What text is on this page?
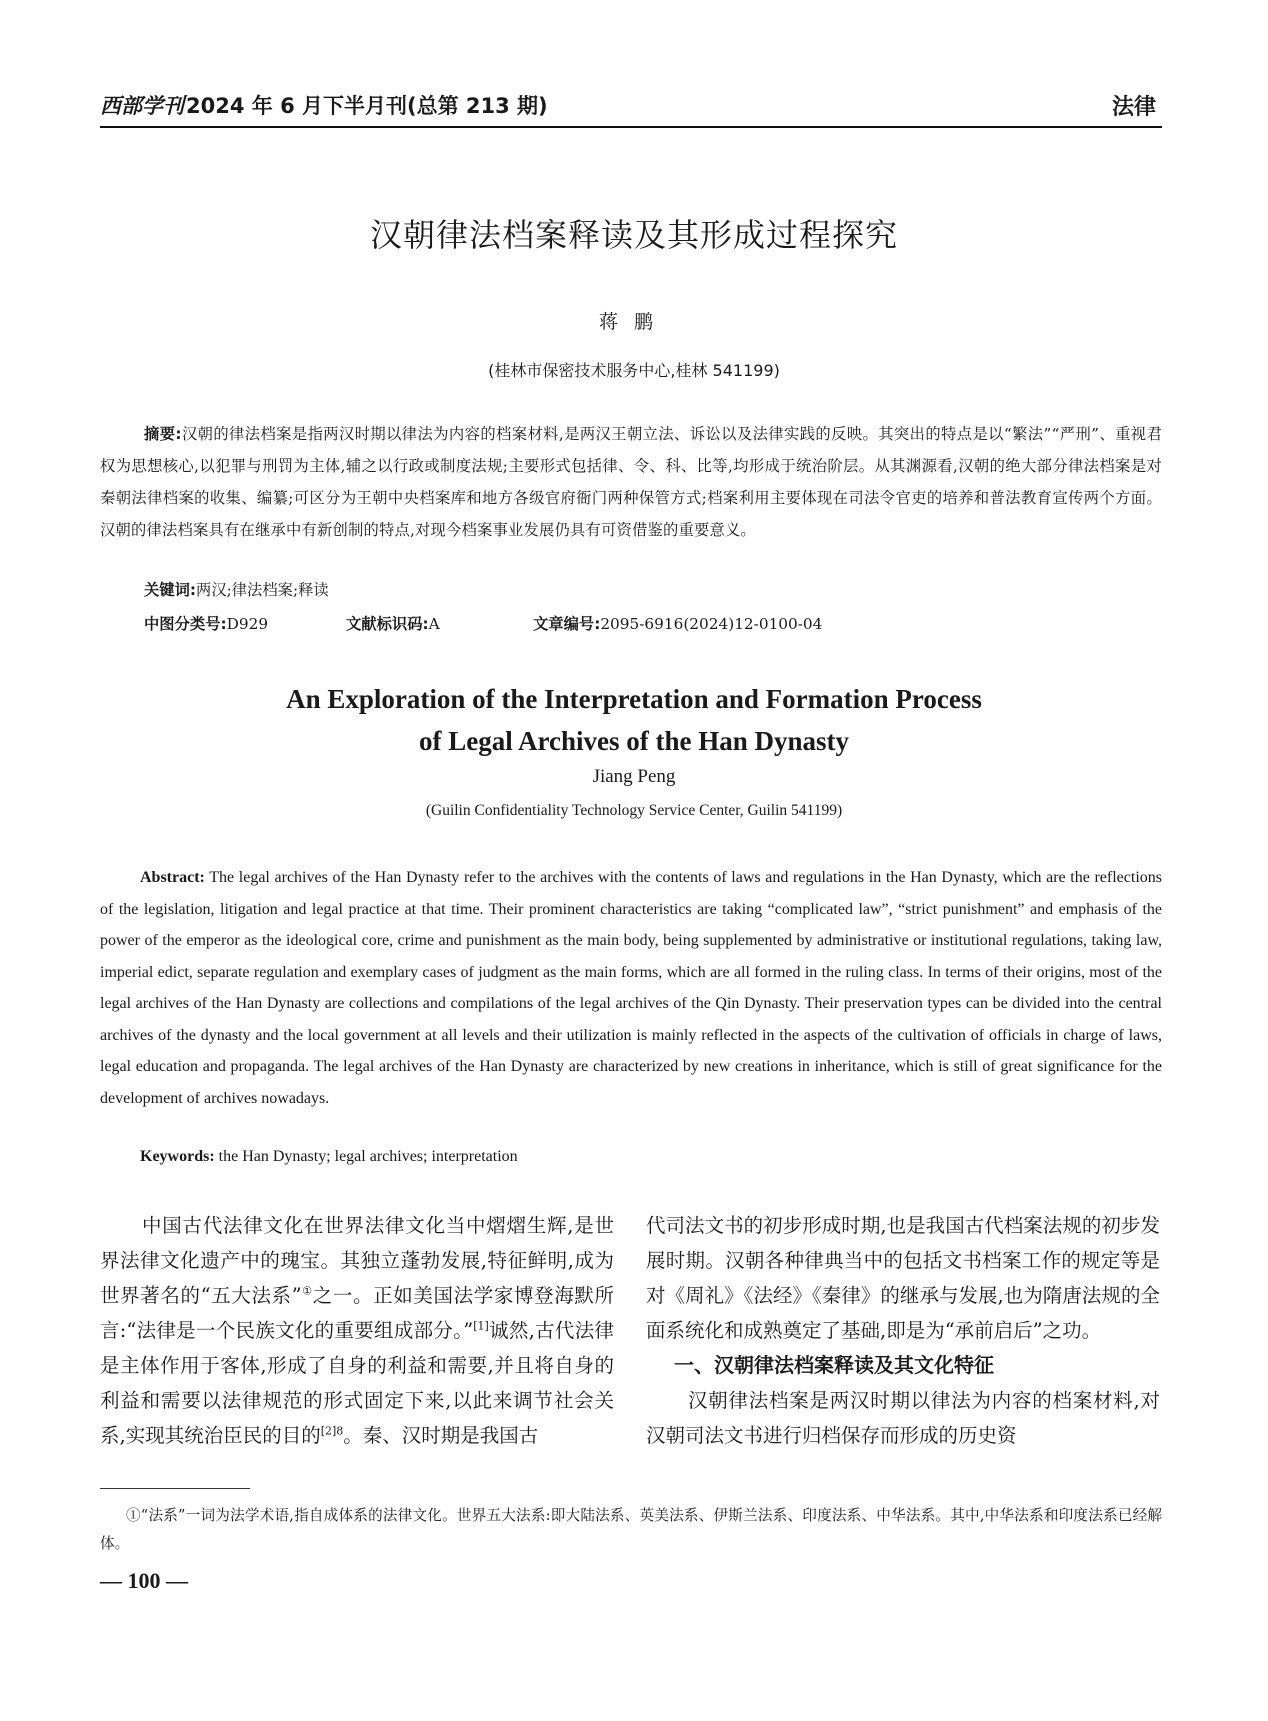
西部学刊2024 年 6 月下半月刊(总第 213 期)	法律
汉朝律法档案释读及其形成过程探究
蒋鹏
(桂林市保密技术服务中心,桂林 541199)

摘要:汉朝的律法档案是指两汉时期以律法为内容的档案材料,是两汉王朝立法、诉讼以及法律实践的反映。其突出的特点是以“繁法”“严刑”、重视君权为思想核心,以犯罪与刑罚为主体,辅之以行政或制度法规;主要形式包括律、令、科、比等,均形成于统治阶层。从其渊源看,汉朝的绝大部分律法档案是对秦朝法律档案的收集、编纂;可区分为王朝中央档案库和地方各级官府衙门两种保管方式;档案利用主要体现在司法令官吏的培养和普法教育宣传两个方面。汉朝的律法档案具有在继承中有新创制的特点,对现今档案事业发展仍具有可资借鉴的重要意义。

关键词:两汉;律法档案;释读
中图分类号:D929	文献标识码:A	文章编号:2095-6916(2024)12-0100-04
An Exploration of the Interpretation and Formation Process
of Legal Archives of the Han Dynasty
Jiang Peng
(Guilin Confidentiality Technology Service Center, Guilin 541199)

Abstract: The legal archives of the Han Dynasty refer to the archives with the contents of laws and regulations in the Han Dynasty, which are the reflections of the legislation, litigation and legal practice at that time. Their prominent characteristics are taking “complicated law”, “strict punishment” and emphasis of the power of the emperor as the ideological core, crime and punishment as the main body, being supplemented by administrative or institutional regulations, taking law, imperial edict, separate regulation and exemplary cases of judgment as the main forms, which are all formed in the ruling class. In terms of their origins, most of the legal archives of the Han Dynasty are collections and compilations of the legal archives of the Qin Dynasty. Their preservation types can be divided into the central archives of the dynasty and the local government at all levels and their utilization is mainly reflected in the aspects of the cultivation of officials in charge of laws, legal education and propaganda. The legal archives of the Han Dynasty are characterized by new creations in inheritance, which is still of great significance for the development of archives nowadays.

Keywords: the Han Dynasty; legal archives; interpretation

中国古代法律文化在世界法律文化当中熠熠生辉,是世界法律文化遗产中的瑰宝。其独立蓬勃发展,特征鲜明,成为世界著名的“五大法系”①之一。正如美国法学家博登海默所言:“法律是一个民族文化的重要组成部分。”[1]诚然,古代法律是主体作用于客体,形成了自身的利益和需要,并且将自身的利益和需要以法律规范的形式固定下来,以此来调节社会关系,实现其统治臣民的目的$^{[2]8}$。秦、汉时期是我国古

代司法文书的初步形成时期,也是我国古代档案法规的初步发展时期。汉朝各种律典当中的包括文书档案工作的规定等是对《周礼》《法经》《秦律》的继承与发展,也为隋唐法规的全面系统化和成熟奠定了基础,即是为“承前启后”之功。

一、汉朝律法档案释读及其文化特征

汉朝律法档案是两汉时期以律法为内容的档案材料,对汉朝司法文书进行归档保存而形成的历史资

①“法系”一词为法学术语,指自成体系的法律文化。世界五大法系:即大陆法系、英美法系、伊斯兰法系、印度法系、中华法系。其中,中华法系和印度法系已经解体。

— 100 —
